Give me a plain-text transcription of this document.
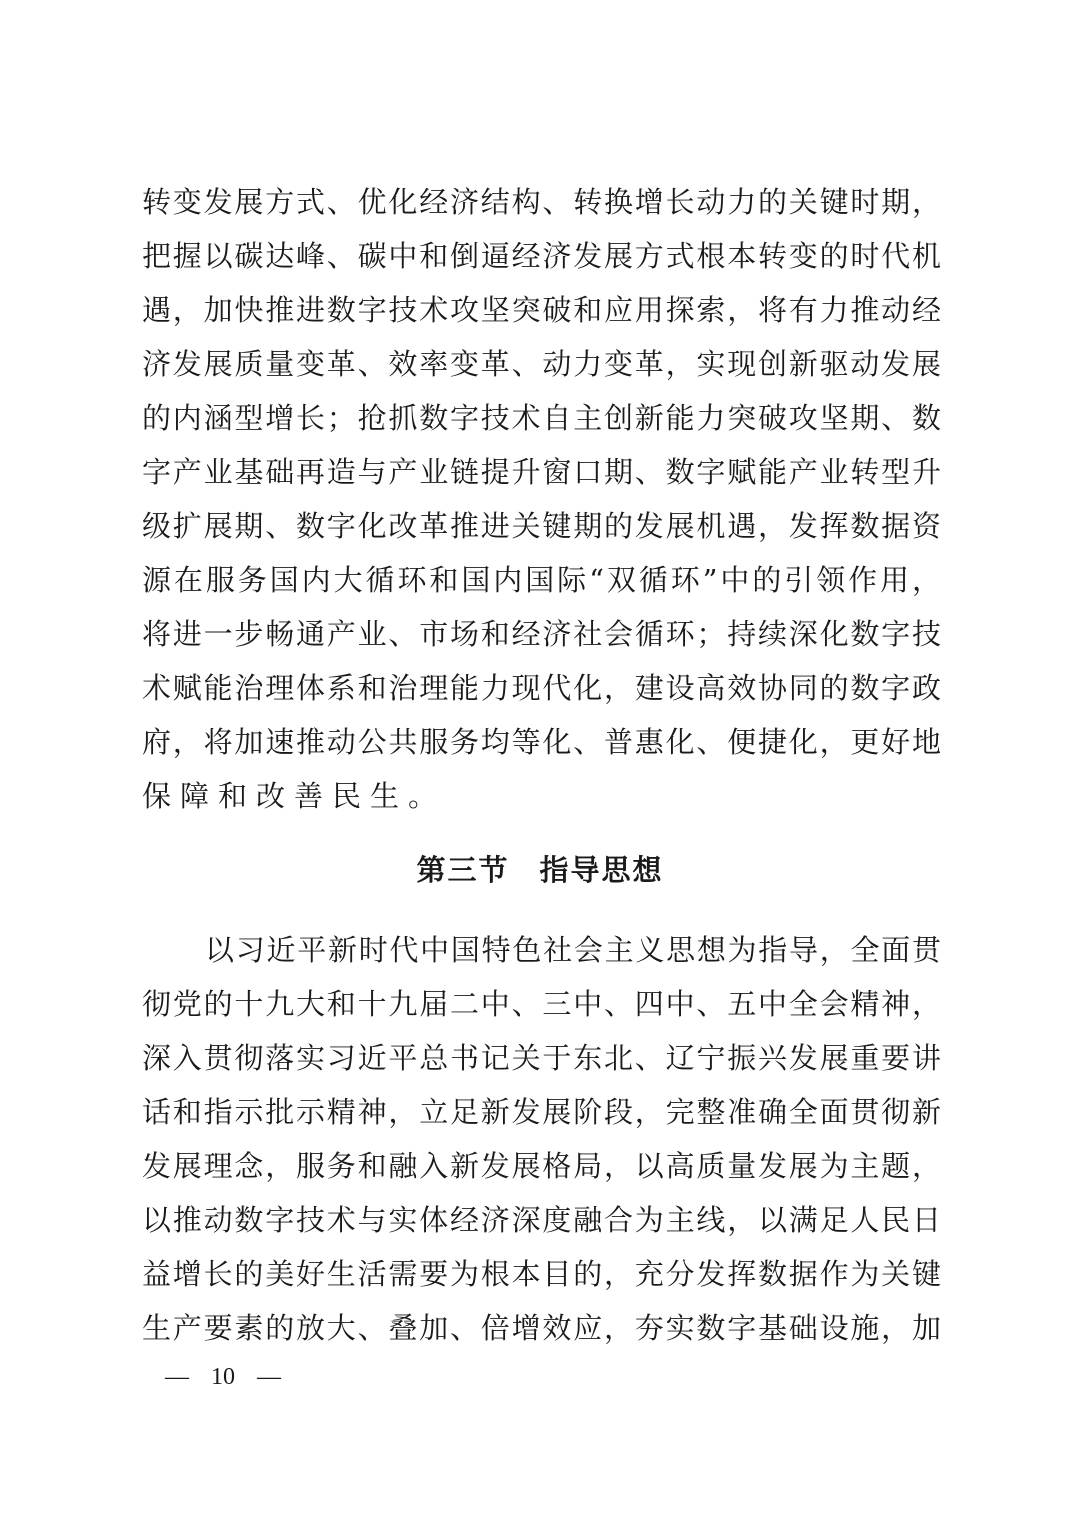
转变发展方式、优化经济结构、转换增长动力的关键时期，
把握以碳达峰、碳中和倒逼经济发展方式根本转变的时代机
遇，加快推进数字技术攻坚突破和应用探索，将有力推动经
济发展质量变革、效率变革、动力变革，实现创新驱动发展
的内涵型增长；抢抓数字技术自主创新能力突破攻坚期、数
字产业基础再造与产业链提升窗口期、数字赋能产业转型升
级扩展期、数字化改革推进关键期的发展机遇，发挥数据资
源在服务国内大循环和国内国际“双循环”中的引领作用，
将进一步畅通产业、市场和经济社会循环；持续深化数字技
术赋能治理体系和治理能力现代化，建设高效协同的数字政
府，将加速推动公共服务均等化、普惠化、便捷化，更好地
保障和改善民生。
第三节 指导思想
以习近平新时代中国特色社会主义思想为指导，全面贯
彻党的十九大和十九届二中、三中、四中、五中全会精神，
深入贯彻落实习近平总书记关于东北、辽宁振兴发展重要讲
话和指示批示精神，立足新发展阶段，完整准确全面贯彻新
发展理念，服务和融入新发展格局，以高质量发展为主题，
以推动数字技术与实体经济深度融合为主线，以满足人民日
益增长的美好生活需要为根本目的，充分发挥数据作为关键
生产要素的放大、叠加、倍增效应，夯实数字基础设施，加
— 10 —
